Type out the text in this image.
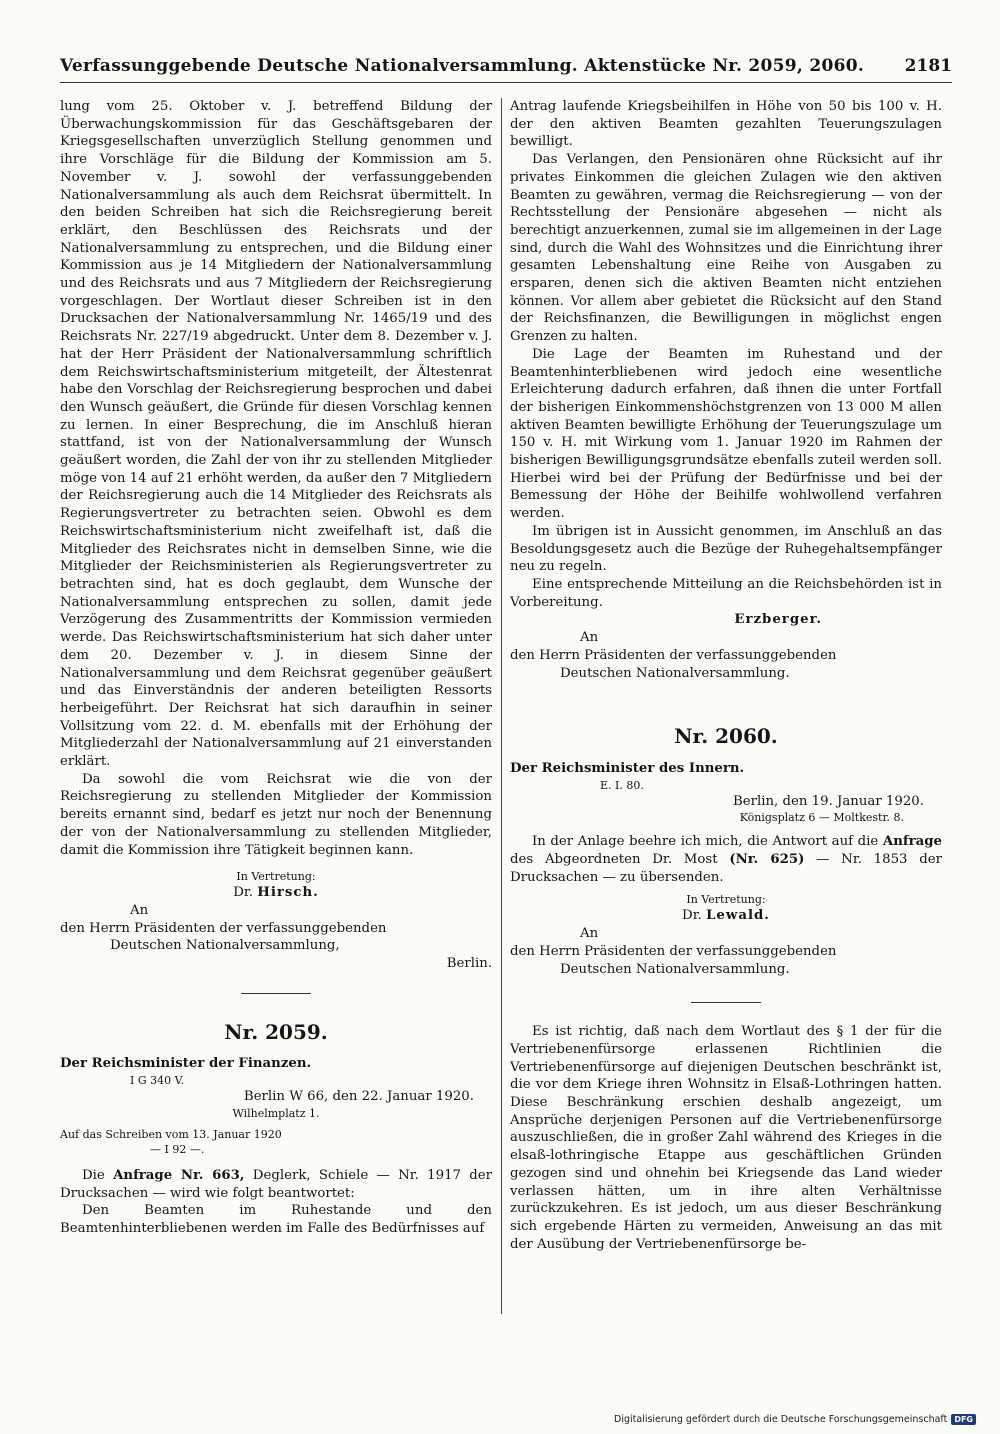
Verfassunggebende Deutsche Nationalversammlung. Aktenstücke Nr. 2059, 2060. 2181

lung vom 25. Oktober v. J. betreffend Bildung der Überwachungskommission für das Geschäftsgebaren der Kriegsgesellschaften unverzüglich Stellung genommen und ihre Vorschläge für die Bildung der Kommission am 5. November v. J. sowohl der verfassunggebenden Nationalversammlung als auch dem Reichsrat übermittelt. In den beiden Schreiben hat sich die Reichsregierung bereit erklärt, den Beschlüssen des Reichsrats und der Nationalversammlung zu entsprechen, und die Bildung einer Kommission aus je 14 Mitgliedern der Nationalversammlung und des Reichsrats und aus 7 Mitgliedern der Reichsregierung vorgeschlagen. Der Wortlaut dieser Schreiben ist in den Drucksachen der Nationalversammlung Nr. 1465/19 und des Reichsrats Nr. 227/19 abgedruckt. Unter dem 8. Dezember v. J. hat der Herr Präsident der Nationalversammlung schriftlich dem Reichswirtschaftsministerium mitgeteilt, der Ältestenrat habe den Vorschlag der Reichsregierung besprochen und dabei den Wunsch geäußert, die Gründe für diesen Vorschlag kennen zu lernen. In einer Besprechung, die im Anschluß hieran stattfand, ist von der Nationalversammlung der Wunsch geäußert worden, die Zahl der von ihr zu stellenden Mitglieder möge von 14 auf 21 erhöht werden, da außer den 7 Mitgliedern der Reichsregierung auch die 14 Mitglieder des Reichsrats als Regierungsvertreter zu betrachten seien. Obwohl es dem Reichswirtschaftsministerium nicht zweifelhaft ist, daß die Mitglieder des Reichsrates nicht in demselben Sinne, wie die Mitglieder der Reichsministerien als Regierungsvertreter zu betrachten sind, hat es doch geglaubt, dem Wunsche der Nationalversammlung entsprechen zu sollen, damit jede Verzögerung des Zusammentritts der Kommission vermieden werde. Das Reichswirtschaftsministerium hat sich daher unter dem 20. Dezember v. J. in diesem Sinne der Nationalversammlung und dem Reichsrat gegenüber geäußert und das Einverständnis der anderen beteiligten Ressorts herbeigeführt. Der Reichsrat hat sich daraufhin in seiner Vollsitzung vom 22. d. M. ebenfalls mit der Erhöhung der Mitgliederzahl der Nationalversammlung auf 21 einverstanden erklärt.

Da sowohl die vom Reichsrat wie die von der Reichsregierung zu stellenden Mitglieder der Kommission bereits ernannt sind, bedarf es jetzt nur noch der Benennung der von der Nationalversammlung zu stellenden Mitglieder, damit die Kommission ihre Tätigkeit beginnen kann.

In Vertretung:

Dr. Hirsch.

An

den Herrn Präsidenten der verfassunggebenden

Deutschen Nationalversammlung,

Berlin.

Nr. 2059.

Der Reichsminister der Finanzen.

I G 340 V.

Berlin W 66, den 22. Januar 1920.

Wilhelmplatz 1.

Auf das Schreiben vom 13. Januar 1920

— I 92 —.

Die Anfrage Nr. 663, Deglerk, Schiele — Nr. 1917 der Drucksachen — wird wie folgt beantwortet:

Den Beamten im Ruhestande und den Beamtenhinterbliebenen werden im Falle des Bedürfnisses auf

Antrag laufende Kriegsbeihilfen in Höhe von 50 bis 100 v. H. der den aktiven Beamten gezahlten Teuerungszulagen bewilligt.

Das Verlangen, den Pensionären ohne Rücksicht auf ihr privates Einkommen die gleichen Zulagen wie den aktiven Beamten zu gewähren, vermag die Reichsregierung — von der Rechtsstellung der Pensionäre abgesehen — nicht als berechtigt anzuerkennen, zumal sie im allgemeinen in der Lage sind, durch die Wahl des Wohnsitzes und die Einrichtung ihrer gesamten Lebenshaltung eine Reihe von Ausgaben zu ersparen, denen sich die aktiven Beamten nicht entziehen können. Vor allem aber gebietet die Rücksicht auf den Stand der Reichsfinanzen, die Bewilligungen in möglichst engen Grenzen zu halten.

Die Lage der Beamten im Ruhestand und der Beamtenhinterbliebenen wird jedoch eine wesentliche Erleichterung dadurch erfahren, daß ihnen die unter Fortfall der bisherigen Einkommenshöchstgrenzen von 13 000 M allen aktiven Beamten bewilligte Erhöhung der Teuerungszulage um 150 v. H. mit Wirkung vom 1. Januar 1920 im Rahmen der bisherigen Bewilligungsgrundsätze ebenfalls zuteil werden soll. Hierbei wird bei der Prüfung der Bedürfnisse und bei der Bemessung der Höhe der Beihilfe wohlwollend verfahren werden.

Im übrigen ist in Aussicht genommen, im Anschluß an das Besoldungsgesetz auch die Bezüge der Ruhegehaltsempfänger neu zu regeln.

Eine entsprechende Mitteilung an die Reichsbehörden ist in Vorbereitung.

Erzberger.

An

den Herrn Präsidenten der verfassunggebenden

Deutschen Nationalversammlung.

Nr. 2060.

Der Reichsminister des Innern.

E. I. 80.

Berlin, den 19. Januar 1920.

Königsplatz 6 — Moltkestr. 8.

In der Anlage beehre ich mich, die Antwort auf die Anfrage des Abgeordneten Dr. Most (Nr. 625) — Nr. 1853 der Drucksachen — zu übersenden.

In Vertretung:

Dr. Lewald.

An

den Herrn Präsidenten der verfassunggebenden

Deutschen Nationalversammlung.

Es ist richtig, daß nach dem Wortlaut des § 1 der für die Vertriebenenfürsorge erlassenen Richtlinien die Vertriebenenfürsorge auf diejenigen Deutschen beschränkt ist, die vor dem Kriege ihren Wohnsitz in Elsaß-Lothringen hatten. Diese Beschränkung erschien deshalb angezeigt, um Ansprüche derjenigen Personen auf die Vertriebenenfürsorge auszuschließen, die in großer Zahl während des Krieges in die elsaß-lothringische Etappe aus geschäftlichen Gründen gezogen sind und ohnehin bei Kriegsende das Land wieder verlassen hätten, um in ihre alten Verhältnisse zurückzukehren. Es ist jedoch, um aus dieser Beschränkung sich ergebende Härten zu vermeiden, Anweisung an das mit der Ausübung der Vertriebenenfürsorge be-

Digitalisierung gefördert durch die Deutsche Forschungsgemeinschaft DFG
